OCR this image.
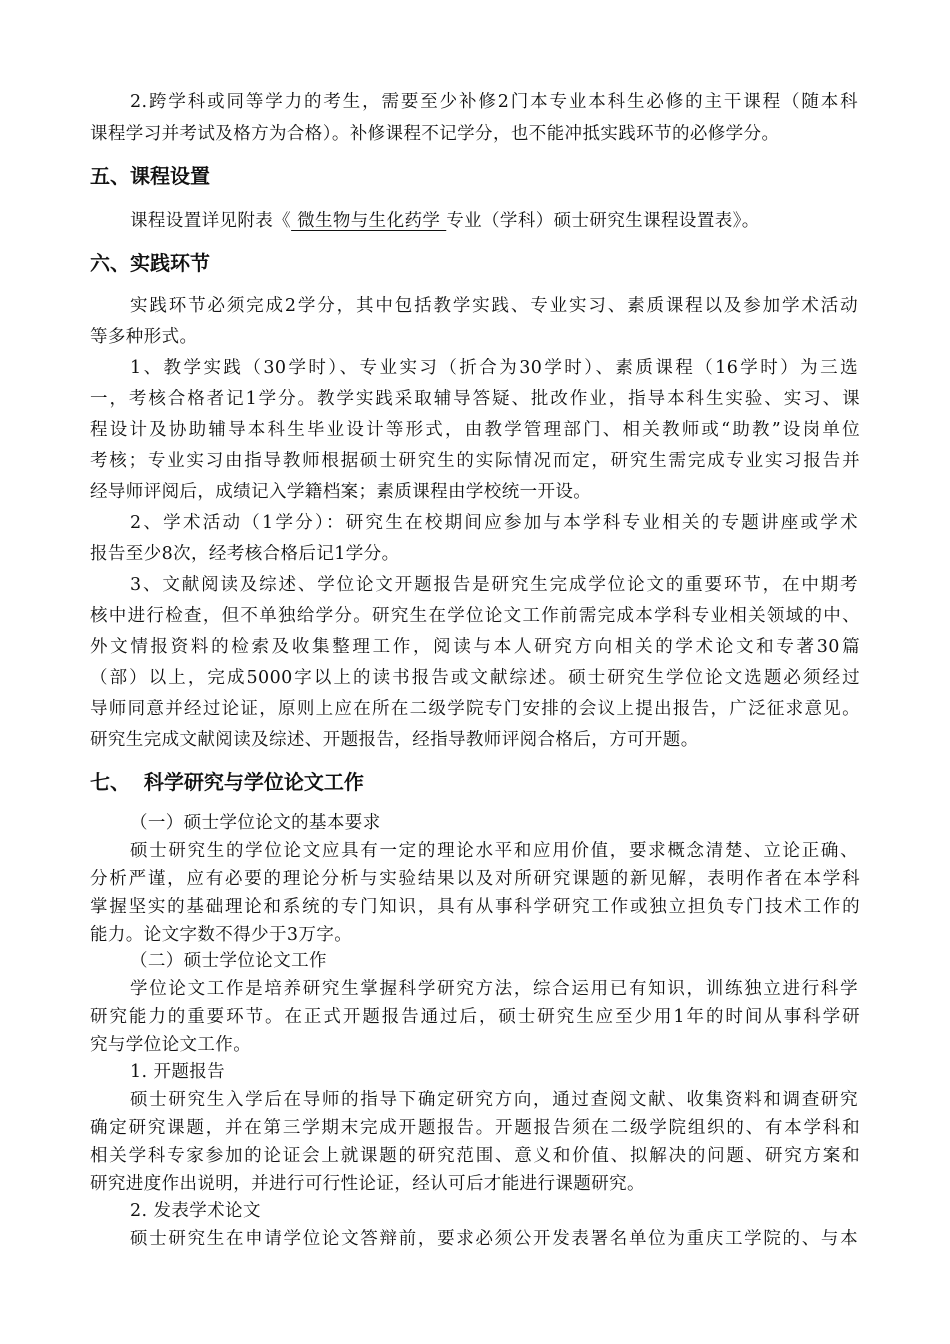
2.跨学科或同等学力的考生，需要至少补修2门本专业本科生必修的主干课程（随本科
课程学习并考试及格方为合格）。补修课程不记学分，也不能冲抵实践环节的必修学分。
五、课程设置
课程设置详见附表《 微生物与生化药学 专业（学科）硕士研究生课程设置表》。
六、实践环节
实践环节必须完成2学分，其中包括教学实践、专业实习、素质课程以及参加学术活动
等多种形式。
1、教学实践（30学时）、专业实习（折合为30学时）、素质课程（16学时）为三选
一，考核合格者记1学分。教学实践采取辅导答疑、批改作业，指导本科生实验、实习、课
程设计及协助辅导本科生毕业设计等形式，由教学管理部门、相关教师或“助教”设岗单位
考核；专业实习由指导教师根据硕士研究生的实际情况而定，研究生需完成专业实习报告并
经导师评阅后，成绩记入学籍档案；素质课程由学校统一开设。
2、学术活动（1学分）：研究生在校期间应参加与本学科专业相关的专题讲座或学术
报告至少8次，经考核合格后记1学分。
3、文献阅读及综述、学位论文开题报告是研究生完成学位论文的重要环节，在中期考
核中进行检查，但不单独给学分。研究生在学位论文工作前需完成本学科专业相关领域的中、
外文情报资料的检索及收集整理工作，阅读与本人研究方向相关的学术论文和专著30篇
（部）以上，完成5000字以上的读书报告或文献综述。硕士研究生学位论文选题必须经过
导师同意并经过论证，原则上应在所在二级学院专门安排的会议上提出报告，广泛征求意见。
研究生完成文献阅读及综述、开题报告，经指导教师评阅合格后，方可开题。
七、  科学研究与学位论文工作
（一）硕士学位论文的基本要求
硕士研究生的学位论文应具有一定的理论水平和应用价值，要求概念清楚、立论正确、
分析严谨，应有必要的理论分析与实验结果以及对所研究课题的新见解，表明作者在本学科
掌握坚实的基础理论和系统的专门知识，具有从事科学研究工作或独立担负专门技术工作的
能力。论文字数不得少于3万字。
（二）硕士学位论文工作
学位论文工作是培养研究生掌握科学研究方法，综合运用已有知识，训练独立进行科学
研究能力的重要环节。在正式开题报告通过后，硕士研究生应至少用1年的时间从事科学研
究与学位论文工作。
1. 开题报告
硕士研究生入学后在导师的指导下确定研究方向，通过查阅文献、收集资料和调查研究
确定研究课题，并在第三学期末完成开题报告。开题报告须在二级学院组织的、有本学科和
相关学科专家参加的论证会上就课题的研究范围、意义和价值、拟解决的问题、研究方案和
研究进度作出说明，并进行可行性论证，经认可后才能进行课题研究。
2. 发表学术论文
硕士研究生在申请学位论文答辩前，要求必须公开发表署名单位为重庆工学院的、与本
